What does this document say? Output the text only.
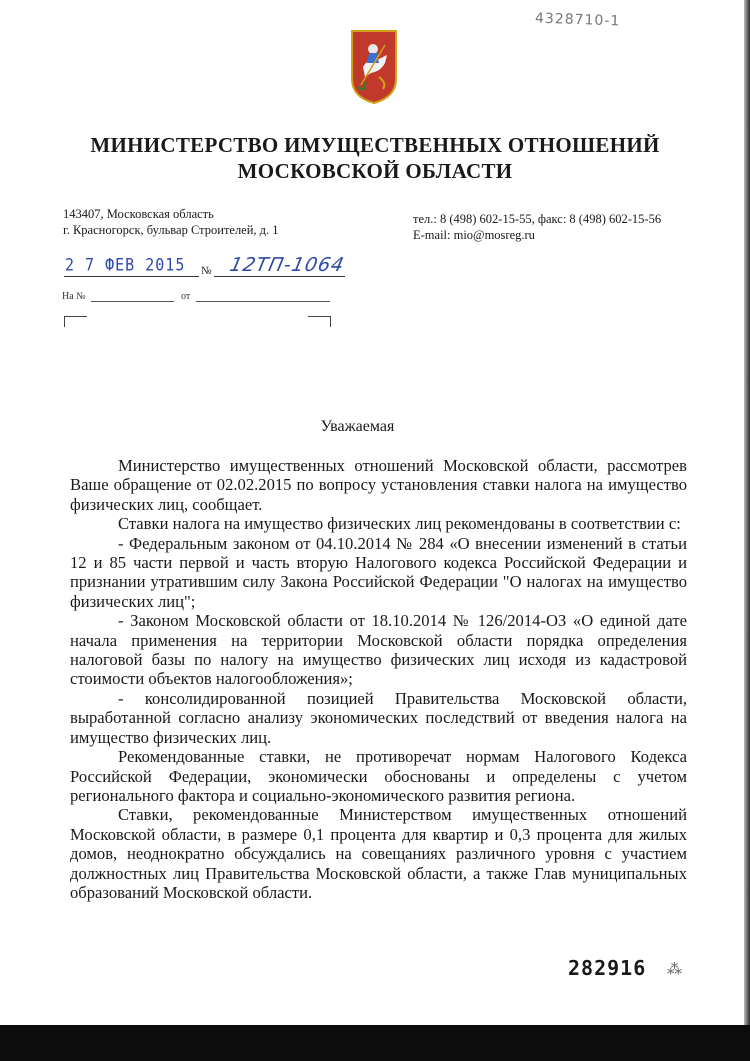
4328710-1
МИНИСТЕРСТВО ИМУЩЕСТВЕННЫХ ОТНОШЕНИЙ
МОСКОВСКОЙ ОБЛАСТИ
143407, Московская область
г. Красногорск, бульвар Строителей, д. 1
тел.: 8 (498) 602-15-55, факс: 8 (498) 602-15-56
E-mail: mio@mosreg.ru
2 7 ФЕВ 2015 № 12ТП-1064
На №	от
Уважаемая

Министерство имущественных отношений Московской области, рассмотрев Ваше обращение от 02.02.2015 по вопросу установления ставки налога на имущество физических лиц, сообщает.

Ставки налога на имущество физических лиц рекомендованы в соответствии с:

- Федеральным законом от 04.10.2014 № 284 «О внесении изменений в статьи 12 и 85 части первой и часть вторую Налогового кодекса Российской Федерации и признании утратившим силу Закона Российской Федерации "О налогах на имущество физических лиц";

- Законом Московской области от 18.10.2014 № 126/2014-ОЗ «О единой дате начала применения на территории Московской области порядка определения налоговой базы по налогу на имущество физических лиц исходя из кадастровой стоимости объектов налогообложения»;

- консолидированной позицией Правительства Московской области, выработанной согласно анализу экономических последствий от введения налога на имущество физических лиц.

Рекомендованные ставки, не противоречат нормам Налогового Кодекса Российской Федерации, экономически обоснованы и определены с учетом регионального фактора и социально-экономического развития региона.

Ставки, рекомендованные Министерством имущественных отношений Московской области, в размере 0,1 процента для квартир и 0,3 процента для жилых домов, неоднократно обсуждались на совещаниях различного уровня с участием должностных лиц Правительства Московской области, а также Глав муниципальных образований Московской области.

282916 ⁂
